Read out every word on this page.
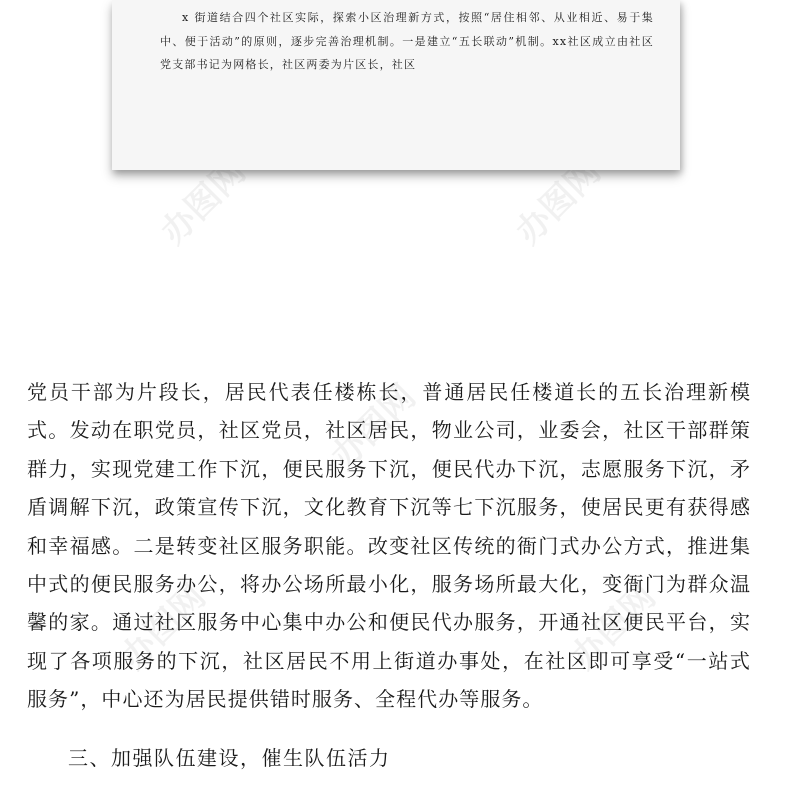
办图网	办图网
办图网
办图网	办图网

x 街道结合四个社区实际，探索小区治理新方式，按照“居住相邻、从业相近、易于集中、便于活动”的原则，逐步完善治理机制。一是建立“五长联动”机制。xx社区成立由社区党支部书记为网格长，社区两委为片区长，社区

党员干部为片段长，居民代表任楼栋长，普通居民任楼道长的五长治理新模式。发动在职党员，社区党员，社区居民，物业公司，业委会，社区干部群策群力，实现党建工作下沉，便民服务下沉，便民代办下沉，志愿服务下沉，矛盾调解下沉，政策宣传下沉，文化教育下沉等七下沉服务，使居民更有获得感和幸福感。二是转变社区服务职能。改变社区传统的衙门式办公方式，推进集中式的便民服务办公，将办公场所最小化，服务场所最大化，变衙门为群众温馨的家。通过社区服务中心集中办公和便民代办服务，开通社区便民平台，实现了各项服务的下沉，社区居民不用上街道办事处，在社区即可享受“一站式服务”，中心还为居民提供错时服务、全程代办等服务。

三、加强队伍建设，催生队伍活力
